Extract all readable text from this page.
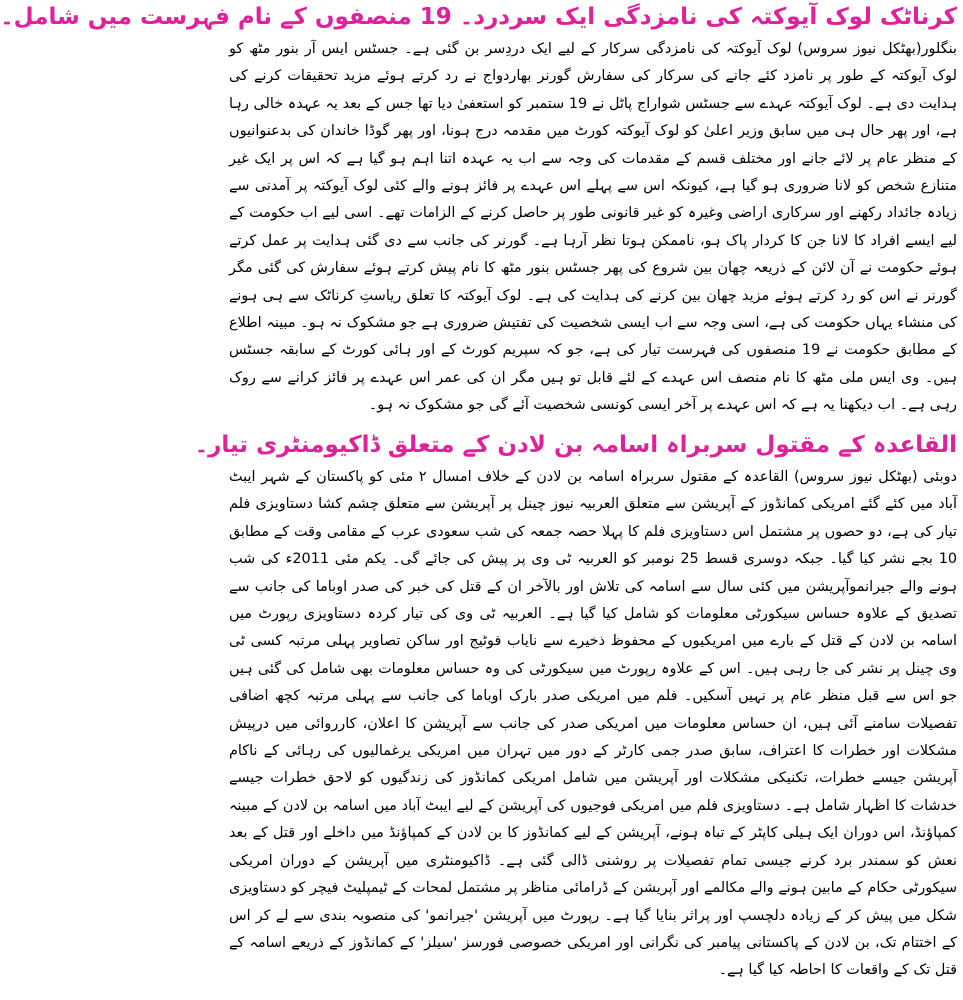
کرناٹک لوک آیوکتہ کی نامزدگی ایک سردرد۔ 19 منصفوں کے نام فہرست میں شامل۔

بنگلور(بھٹکل نیوز سروس) لوک آیوکتہ کی نامزدگی سرکار کے لیے ایک دردِسر بن گئی ہے۔ جسٹس ایس آر بنور مٹھ کو لوک آیوکتہ کے طور پر نامزد کئے جانے کی سرکار کی سفارش گورنر بھاردواج نے رد کرتے ہوئے مزید تحقیقات کرنے کی ہدایت دی ہے۔ لوک آیوکتہ عہدے سے جسٹس شواراج پاٹل نے 19 ستمبر کو استعفیٰ دیا تھا جس کے بعد یہ عہدہ خالی رہا ہے، اور پھر حال ہی میں سابق وزیر اعلیٰ کو لوک آیوکتہ کورٹ میں مقدمہ درج ہونا، اور پھر گوڈا خاندان کی بدعنوانیوں کے منظر عام پر لائے جانے اور مختلف قسم کے مقدمات کی وجہ سے اب یہ عہدہ اتنا اہم ہو گیا ہے کہ اس پر ایک غیر متنازع شخص کو لانا ضروری ہو گیا ہے، کیونکہ اس سے پہلے اس عہدے پر فائز ہونے والے کئی لوک آیوکتہ پر آمدنی سے زیادہ جائداد رکھنے اور سرکاری اراضی وغیرہ کو غیر قانونی طور پر حاصل کرنے کے الزامات تھے۔ اسی لیے اب حکومت کے لیے ایسے افراد کا لانا جن کا کردار پاک ہو، ناممکن ہوتا نظر آرہا ہے۔ گورنر کی جانب سے دی گئی ہدایت پر عمل کرتے ہوئے حکومت نے آن لائن کے ذریعہ چھان بین شروع کی پھر جسٹس بنور مٹھ کا نام پیش کرتے ہوئے سفارش کی گئی مگر گورنر نے اس کو رد کرتے ہوئے مزید چھان بین کرنے کی ہدایت کی ہے۔ لوک آیوکتہ کا تعلق ریاستِ کرناٹک سے ہی ہونے کی منشاء یہاں حکومت کی ہے، اسی وجہ سے اب ایسی شخصیت کی تفتیش ضروری ہے جو مشکوک نہ ہو۔ مبینہ اطلاع کے مطابق حکومت نے 19 منصفوں کی فہرست تیار کی ہے، جو کہ سپریم کورٹ کے اور ہائی کورٹ کے سابقہ جسٹس ہیں۔ وی ایس ملی مٹھ کا نام منصف اس عہدے کے لئے قابل تو ہیں مگر ان کی عمر اس عہدے پر فائز کرانے سے روک رہی ہے۔ اب دیکھنا یہ ہے کہ اس عہدے پر آخر ایسی کونسی شخصیت آئے گی جو مشکوک نہ ہو۔

القاعدہ کے مقتول سربراہ اسامہ بن لادن کے متعلق ڈاکیومنٹری تیار۔

دوبئی (بھٹکل نیوز سروس) القاعدہ کے مقتول سربراہ اسامہ بن لادن کے خلاف امسال ۲ مئی کو پاکستان کے شہر ایبٹ آباد میں کئے گئے امریکی کمانڈوز کے آپریشن سے متعلق العربیہ نیوز چینل پر آپریشن سے متعلق چشم کشا دستاویزی فلم تیار کی ہے، دو حصوں پر مشتمل اس دستاویزی فلم کا پہلا حصہ جمعہ کی شب سعودی عرب کے مقامی وقت کے مطابق 10 بجے نشر کیا گیا۔ جبکہ دوسری قسط 25 نومبر کو العربیہ ٹی وی پر پیش کی جائے گی۔ یکم مئی 2011ء کی شب ہونے والے جیرانموآپریشن میں کئی سال سے اسامہ کی تلاش اور بالآخر ان کے قتل کی خبر کی صدر اوباما کی جانب سے تصدیق کے علاوہ حساس سیکورٹی معلومات کو شامل کیا گیا ہے۔ العربیہ ٹی وی کی تیار کردہ دستاویزی رپورٹ میں اسامہ بن لادن کے قتل کے بارے میں امریکیوں کے محفوظ ذخیرے سے نایاب فوٹیج اور ساکن تصاویر پہلی مرتبہ کسی ٹی وی چینل پر نشر کی جا رہی ہیں۔ اس کے علاوہ رپورٹ میں سیکورٹی کی وہ حساس معلومات بھی شامل کی گئی ہیں جو اس سے قبل منظر عام پر نہیں آسکیں۔ فلم میں امریکی صدر بارک اوباما کی جانب سے پہلی مرتبہ کچھ اضافی تفصیلات سامنے آئی ہیں، ان حساس معلومات میں امریکی صدر کی جانب سے آپریشن کا اعلان، کارروائی میں درپیش مشکلات اور خطرات کا اعتراف، سابق صدر جمی کارٹر کے دور میں تہران میں امریکی یرغمالیوں کی رہائی کے ناکام آپریشن جیسے خطرات، تکنیکی مشکلات اور آپریشن میں شامل امریکی کمانڈوز کی زندگیوں کو لاحق خطرات جیسے خدشات کا اظہار شامل ہے۔ دستاویزی فلم میں امریکی فوجیوں کی آپریشن کے لیے ایبٹ آباد میں اسامہ بن لادن کے مبینہ کمپاؤنڈ، اس دوران ایک ہیلی کاپٹر کے تباہ ہونے، آپریشن کے لیے کمانڈوز کا بن لادن کے کمپاؤنڈ میں داخلے اور قتل کے بعد نعش کو سمندر برد کرنے جیسی تمام تفصیلات پر روشنی ڈالی گئی ہے۔ ڈاکیومنٹری میں آپریشن کے دوران امریکی سیکورٹی حکام کے مابین ہونے والے مکالمے اور آپریشن کے ڈرامائی مناظر پر مشتمل لمحات کے ٹیمپلیٹ فیچر کو دستاویزی شکل میں پیش کر کے زیادہ دلچسپ اور پراثر بنایا گیا ہے۔ رپورٹ میں آپریشن 'جیرانمو' کی منصوبہ بندی سے لے کر اس کے اختتام تک، بن لادن کے پاکستانی پیامبر کی نگرانی اور امریکی خصوصی فورسز 'سیلز' کے کمانڈوز کے ذریعے اسامہ کے قتل تک کے واقعات کا احاطہ کیا گیا ہے۔
